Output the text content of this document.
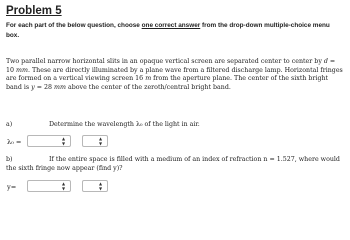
Problem 5
For each part of the below question, choose one correct answer from the drop-down multiple-choice menu box.
Two parallel narrow horizontal slits in an opaque vertical screen are separated center to center by d = 10 mm. These are directly illuminated by a plane wave from a filtered discharge lamp. Horizontal fringes are formed on a vertical viewing screen 16 m from the aperture plane. The center of the sixth bright band is y = 28 mm above the center of the zeroth/central bright band.
a)	Determine the wavelength λ₀ of the light in air.
λ₀ =	▲
▼
▲
▼
b)	If the entire space is filled with a medium of an index of refraction n = 1.527, where would
the sixth fringe now appear (find y)?
y=	▲
▼
▲
▼
